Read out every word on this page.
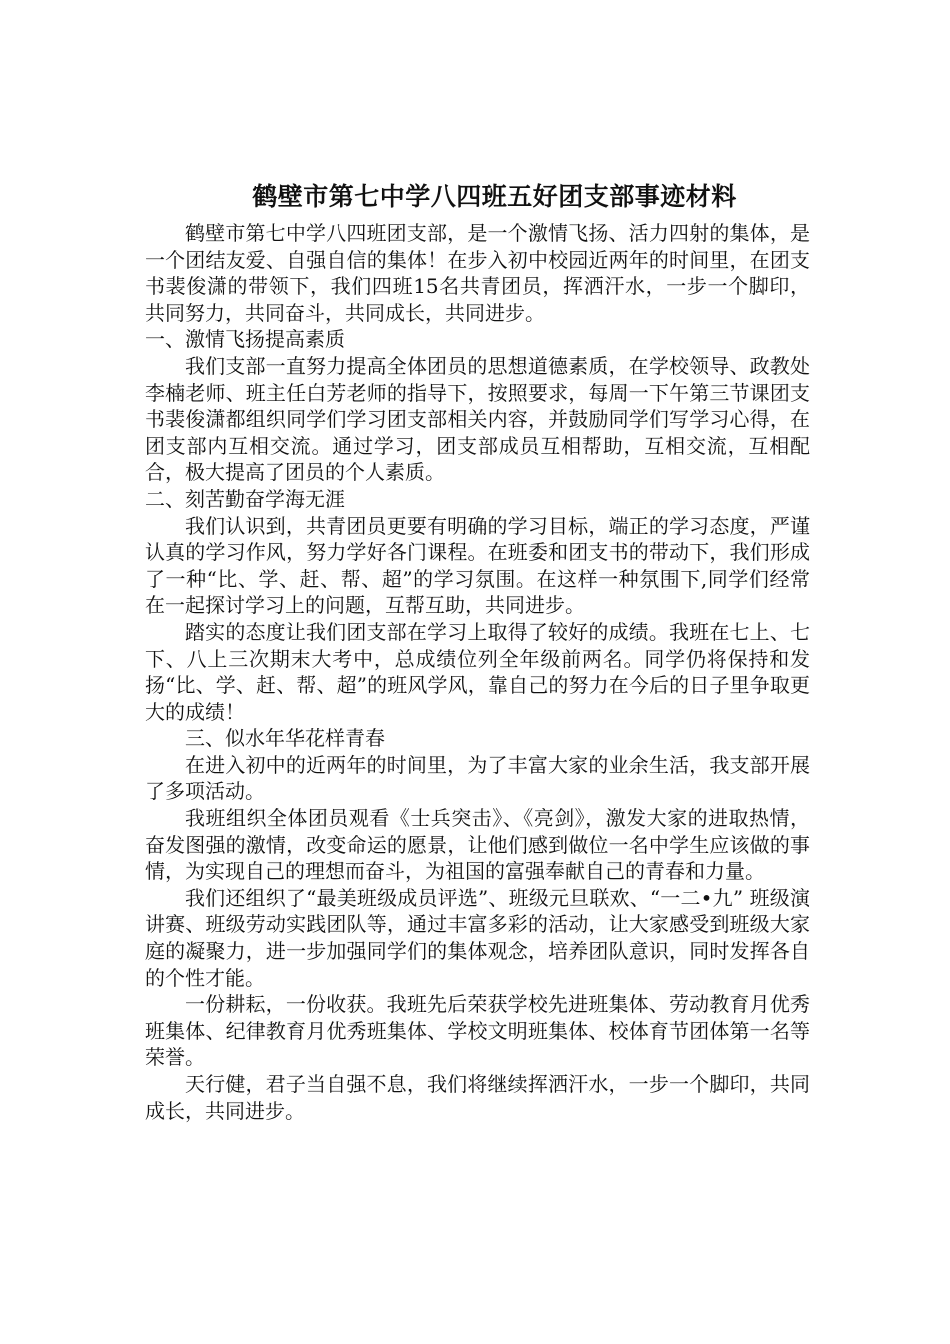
鹤壁市第七中学八四班五好团支部事迹材料

鹤壁市第七中学八四班团支部，是一个激情飞扬、活力四射的集体，是一个团结友爱、自强自信的集体！在步入初中校园近两年的时间里，在团支书裴俊潇的带领下，我们四班15名共青团员，挥洒汗水，一步一个脚印，共同努力，共同奋斗，共同成长，共同进步。

一、激情飞扬提高素质

我们支部一直努力提高全体团员的思想道德素质，在学校领导、政教处李楠老师、班主任白芳老师的指导下，按照要求，每周一下午第三节课团支书裴俊潇都组织同学们学习团支部相关内容，并鼓励同学们写学习心得，在团支部内互相交流。通过学习，团支部成员互相帮助，互相交流，互相配合，极大提高了团员的个人素质。

二、刻苦勤奋学海无涯

我们认识到，共青团员更要有明确的学习目标，端正的学习态度，严谨认真的学习作风，努力学好各门课程。在班委和团支书的带动下，我们形成了一种“比、学、赶、帮、超”的学习氛围。在这样一种氛围下,同学们经常在一起探讨学习上的问题，互帮互助，共同进步。

踏实的态度让我们团支部在学习上取得了较好的成绩。我班在七上、七下、八上三次期末大考中，总成绩位列全年级前两名。同学仍将保持和发扬“比、学、赶、帮、超”的班风学风，靠自己的努力在今后的日子里争取更大的成绩！

三、似水年华花样青春

在进入初中的近两年的时间里，为了丰富大家的业余生活，我支部开展了多项活动。

我班组织全体团员观看《士兵突击》、《亮剑》，激发大家的进取热情，奋发图强的激情，改变命运的愿景，让他们感到做位一名中学生应该做的事情，为实现自己的理想而奋斗，为祖国的富强奉献自己的青春和力量。

我们还组织了“最美班级成员评选”、班级元旦联欢、“一二•九” 班级演讲赛、班级劳动实践团队等，通过丰富多彩的活动，让大家感受到班级大家庭的凝聚力，进一步加强同学们的集体观念，培养团队意识，同时发挥各自的个性才能。

一份耕耘，一份收获。我班先后荣获学校先进班集体、劳动教育月优秀班集体、纪律教育月优秀班集体、学校文明班集体、校体育节团体第一名等荣誉。

天行健，君子当自强不息，我们将继续挥洒汗水，一步一个脚印，共同成长，共同进步。
